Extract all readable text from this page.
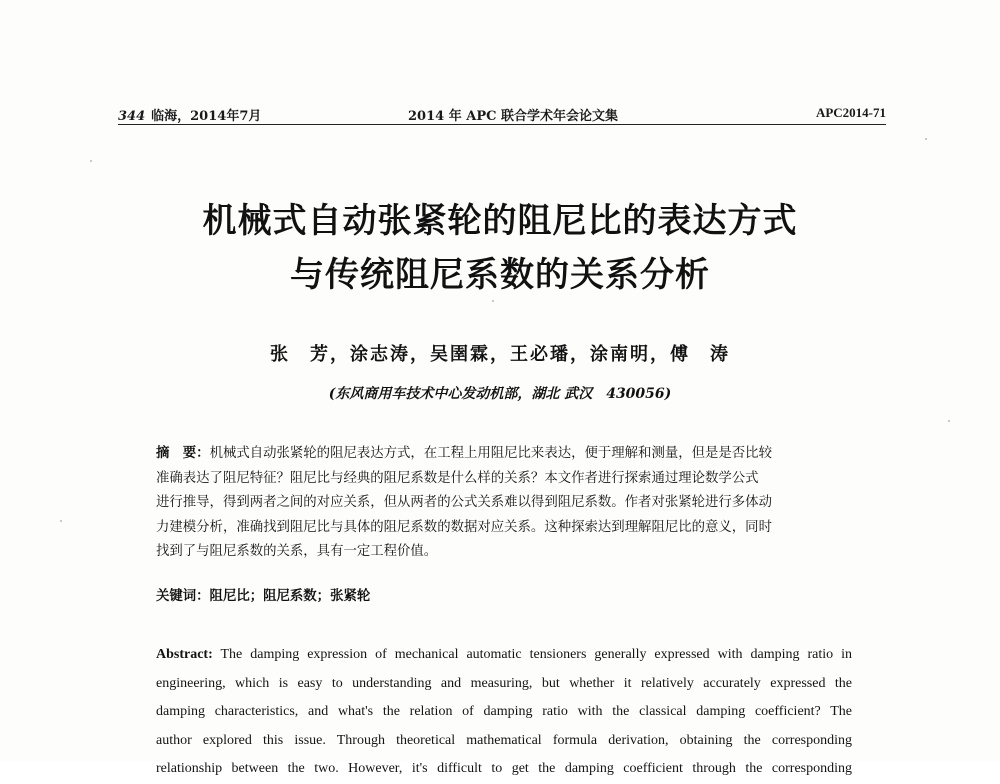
344 临海，2014年7月	2014 年 APC 联合学术年会论文集	APC2014-71
机械式自动张紧轮的阻尼比的表达方式
与传统阻尼系数的关系分析
张　芳，涂志涛，吴圉霖，王必璠，涂南明，傅　涛
(东风商用车技术中心发动机部，湖北 武汉　430056)
摘　要：机械式自动张紧轮的阻尼表达方式，在工程上用阻尼比来表达，便于理解和测量，但是是否比较
准确表达了阻尼特征？阻尼比与经典的阻尼系数是什么样的关系？本文作者进行探索通过理论数学公式
进行推导，得到两者之间的对应关系，但从两者的公式关系难以得到阻尼系数。作者对张紧轮进行多体动
力建模分析，准确找到阻尼比与具体的阻尼系数的数据对应关系。这种探索达到理解阻尼比的意义，同时
找到了与阻尼系数的关系，具有一定工程价值。
关键词：阻尼比；阻尼系数；张紧轮
Abstract: The damping expression of mechanical automatic tensioners generally expressed with damping ratio in
engineering, which is easy to understanding and measuring, but whether it relatively accurately expressed the
damping characteristics, and what's the relation of damping ratio with the classical damping coefficient? The
author explored this issue. Through theoretical mathematical formula derivation, obtaining the corresponding
relationship between the two. However, it's difficult to get the damping coefficient through the corresponding
